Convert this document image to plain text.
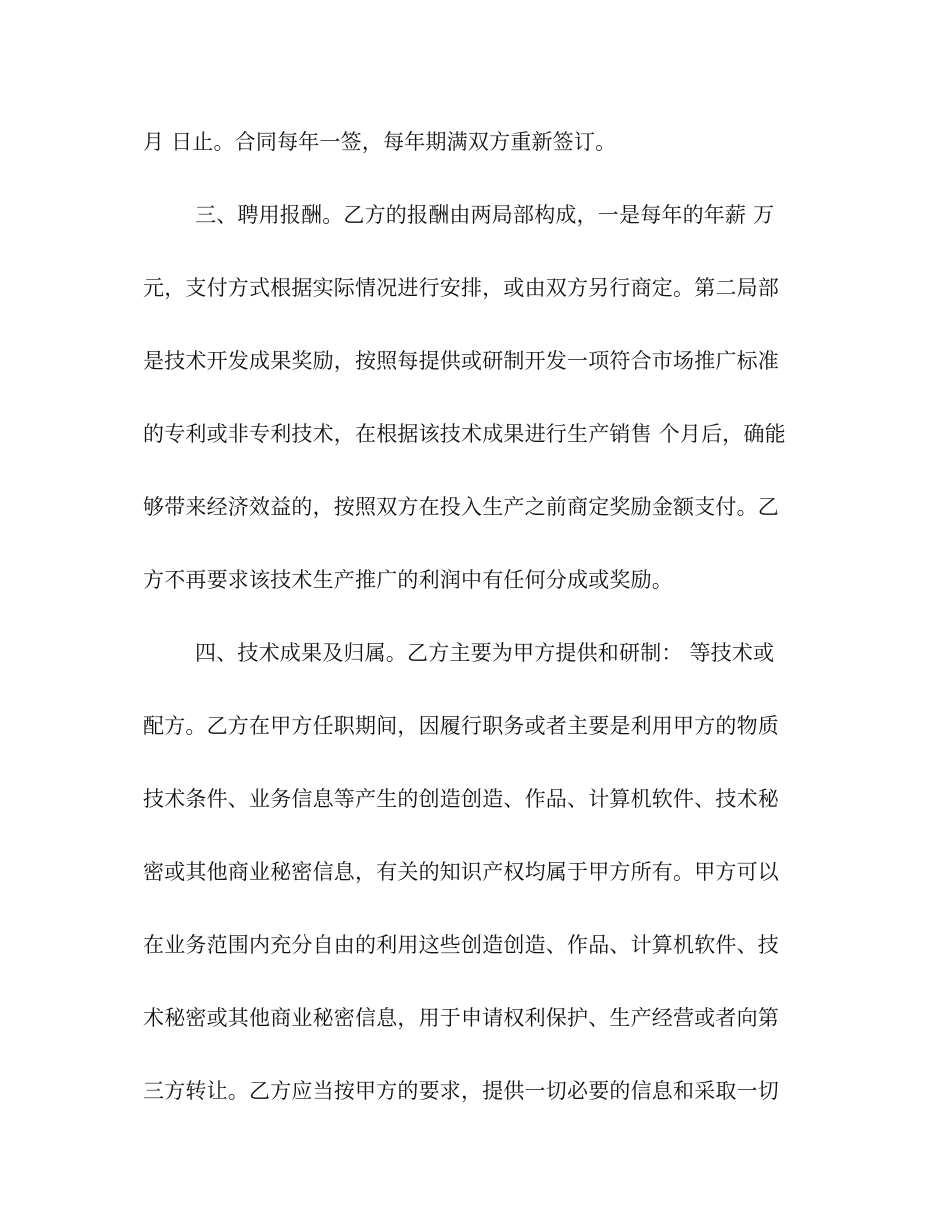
月 日止。合同每年一签，每年期满双方重新签订。
三、聘用报酬。乙方的报酬由两局部构成，一是每年的年薪 万
元，支付方式根据实际情况进行安排，或由双方另行商定。第二局部
是技术开发成果奖励，按照每提供或研制开发一项符合市场推广标准
的专利或非专利技术，在根据该技术成果进行生产销售 个月后，确能
够带来经济效益的，按照双方在投入生产之前商定奖励金额支付。乙
方不再要求该技术生产推广的利润中有任何分成或奖励。
四、技术成果及归属。乙方主要为甲方提供和研制： 等技术或
配方。乙方在甲方任职期间，因履行职务或者主要是利用甲方的物质
技术条件、业务信息等产生的创造创造、作品、计算机软件、技术秘
密或其他商业秘密信息，有关的知识产权均属于甲方所有。甲方可以
在业务范围内充分自由的利用这些创造创造、作品、计算机软件、技
术秘密或其他商业秘密信息，用于申请权利保护、生产经营或者向第
三方转让。乙方应当按甲方的要求，提供一切必要的信息和采取一切
